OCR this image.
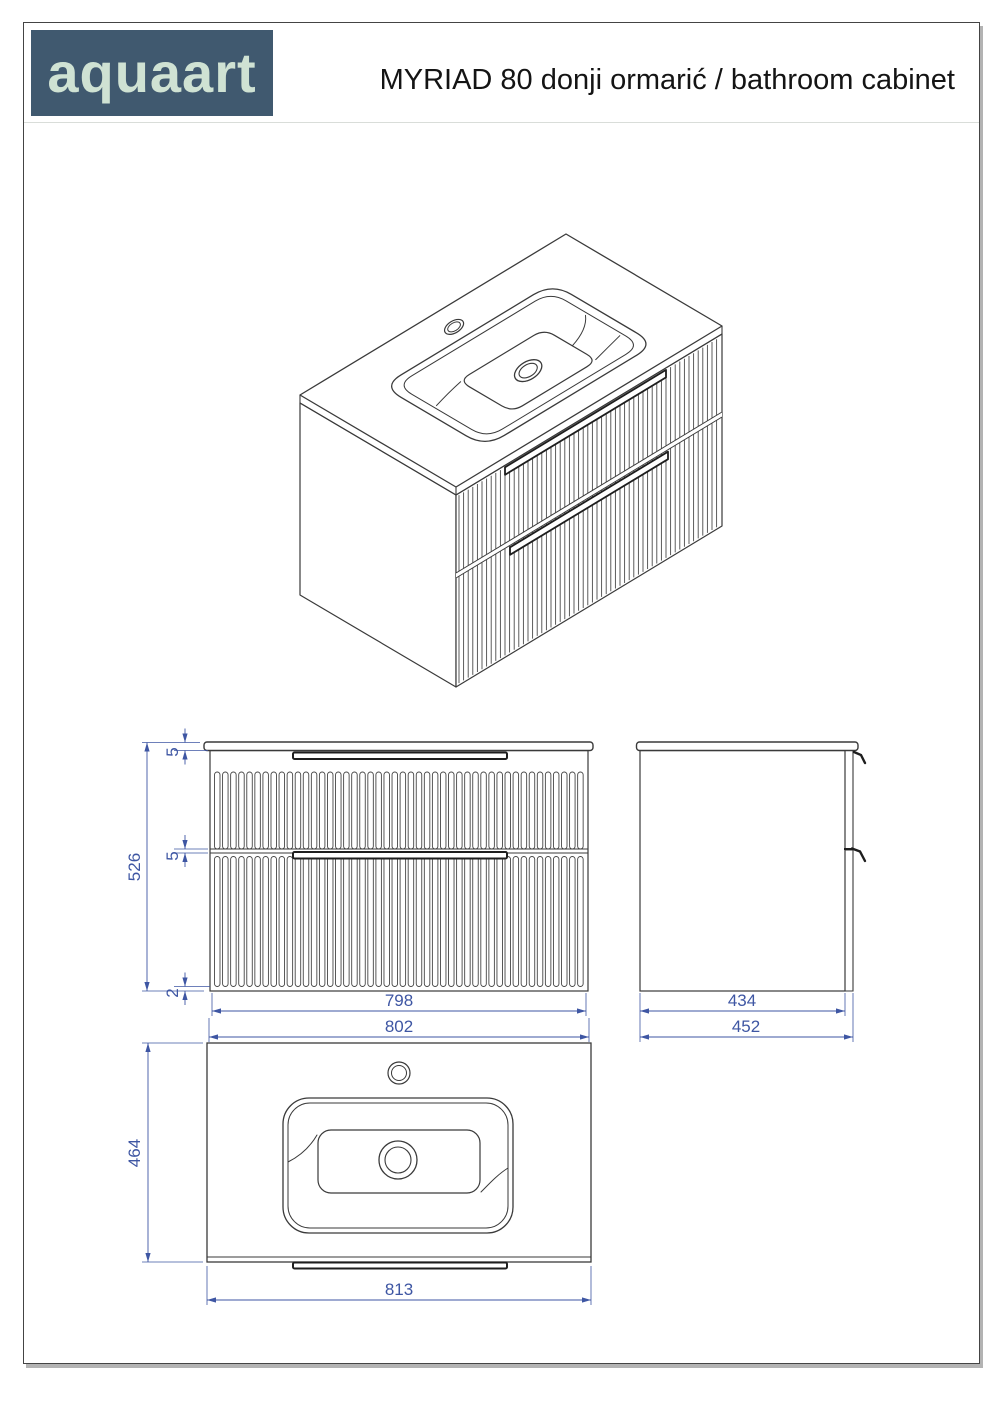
aquaart	MYRIAD 80 donji ormarić / bathroom cabinet
526
5
5
2	798
802
434
452
464
813
